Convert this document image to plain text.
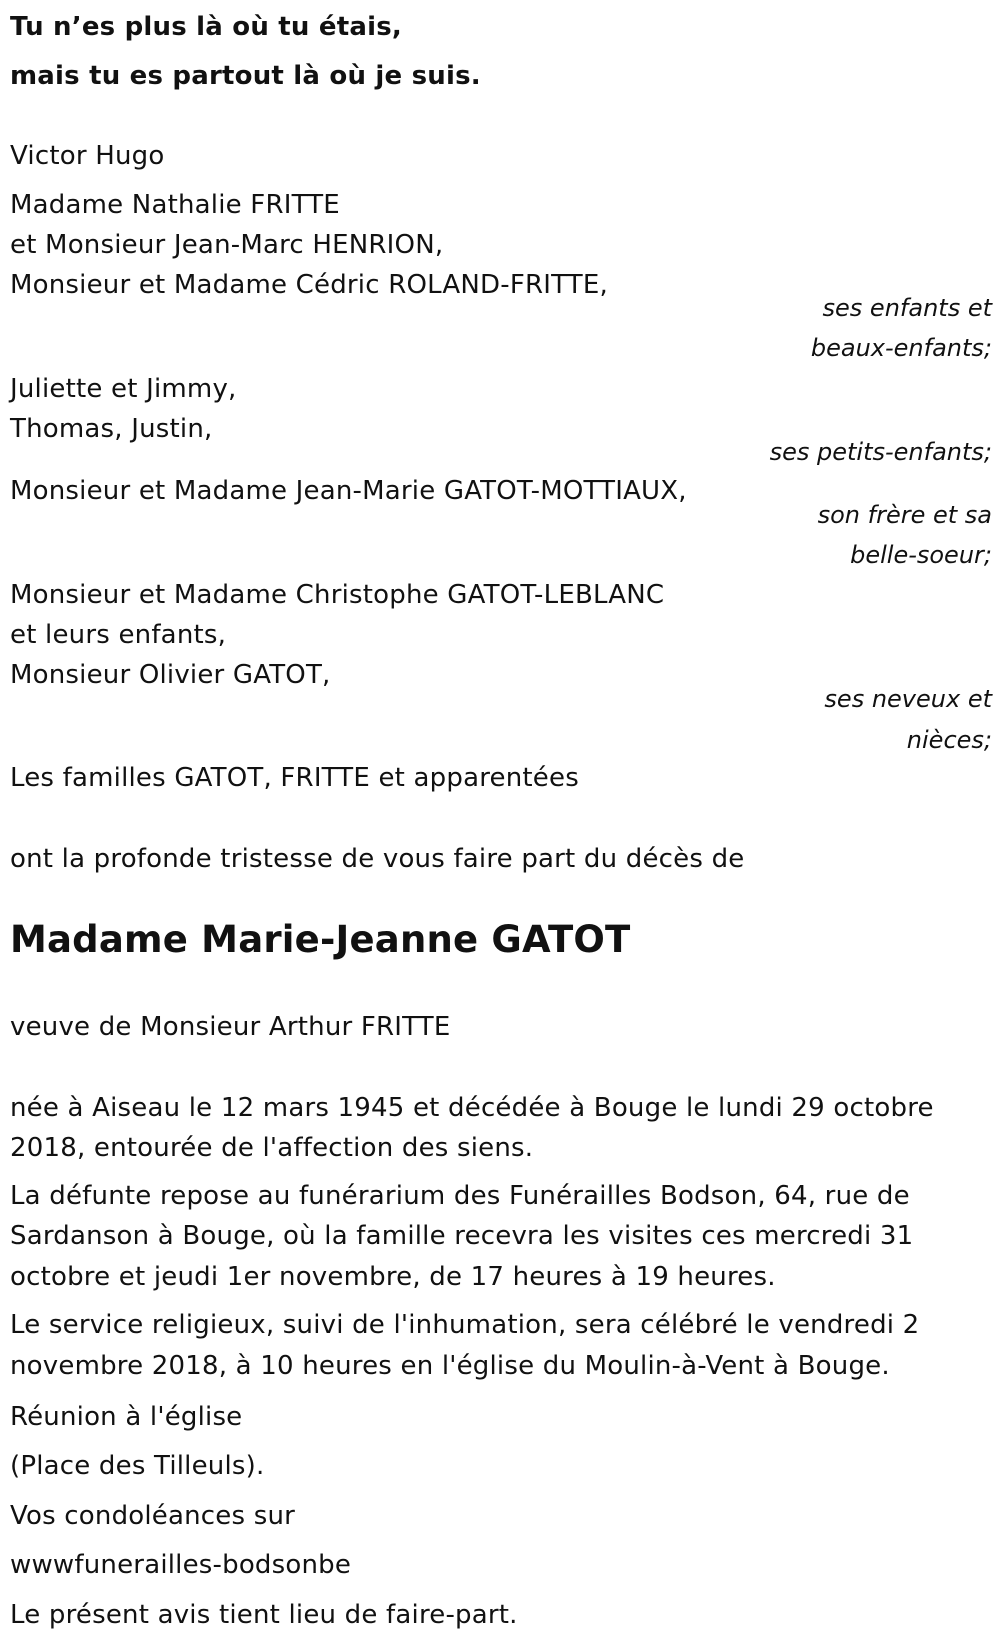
Tu n’es plus là où tu étais,
mais tu es partout là où je suis.
Victor Hugo
Madame Nathalie FRITTE
et Monsieur Jean-Marc HENRION,
Monsieur et Madame Cédric ROLAND-FRITTE,
ses enfants et
beaux-enfants;
Juliette et Jimmy,
Thomas, Justin,
ses petits-enfants;
Monsieur et Madame Jean-Marie GATOT-MOTTIAUX,
son frère et sa
belle-soeur;
Monsieur et Madame Christophe GATOT-LEBLANC
et leurs enfants,
Monsieur Olivier GATOT,
ses neveux et
nièces;
Les familles GATOT, FRITTE et apparentées
ont la profonde tristesse de vous faire part du décès de
Madame Marie-Jeanne GATOT
veuve de Monsieur Arthur FRITTE
née à Aiseau le 12 mars 1945 et décédée à Bouge le lundi 29 octobre
2018, entourée de l'affection des siens.
La défunte repose au funérarium des Funérailles Bodson, 64, rue de
Sardanson à Bouge, où la famille recevra les visites ces mercredi 31
octobre et jeudi 1er novembre, de 17 heures à 19 heures.
Le service religieux, suivi de l'inhumation, sera célébré le vendredi 2
novembre 2018, à 10 heures en l'église du Moulin-à-Vent à Bouge.
Réunion à l'église
(Place des Tilleuls).
Vos condoléances sur
wwwfunerailles-bodsonbe
Le présent avis tient lieu de faire-part.
